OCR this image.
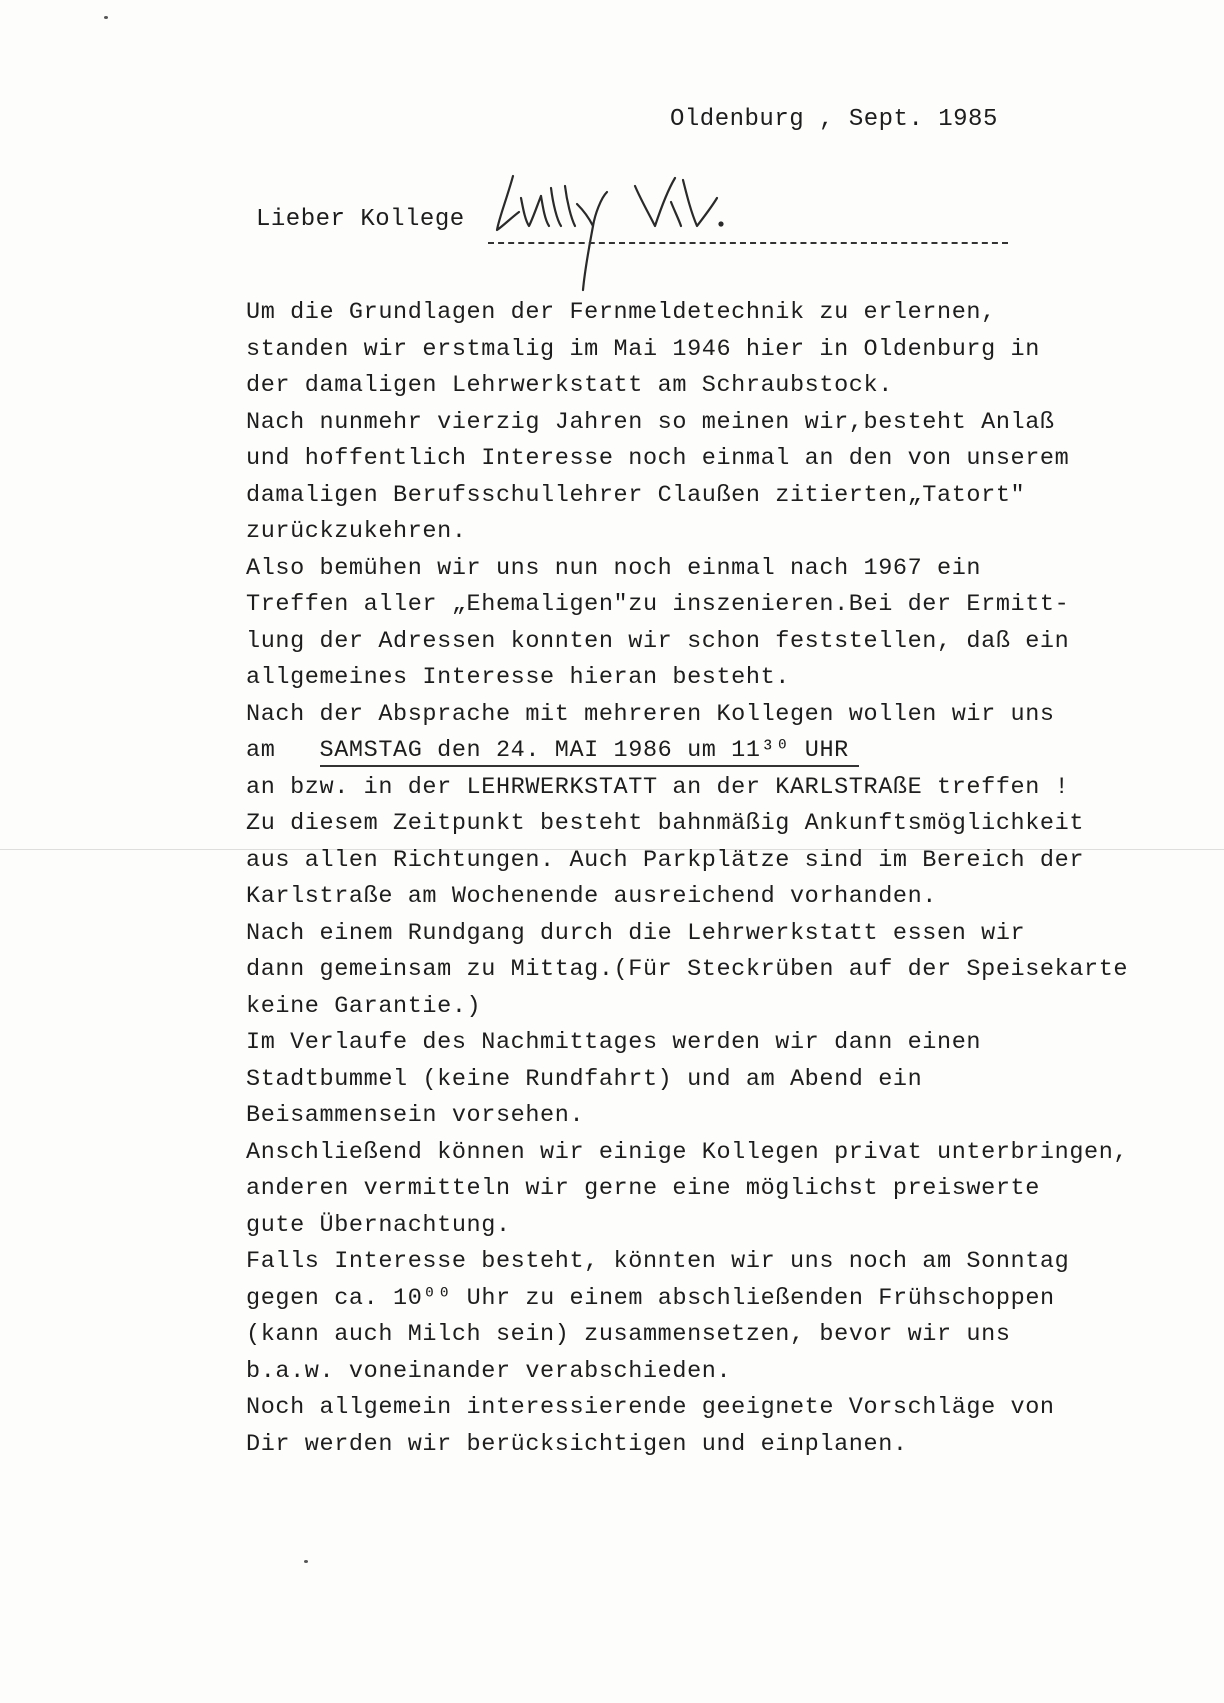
Oldenburg , Sept. 1985
Lieber Kollege
Um die Grundlagen der Fernmeldetechnik zu erlernen,
standen wir erstmalig im Mai 1946 hier in Oldenburg in
der damaligen Lehrwerkstatt am Schraubstock.
Nach nunmehr vierzig Jahren so meinen wir,besteht Anlaß
und hoffentlich Interesse noch einmal an den von unserem
damaligen Berufsschullehrer Claußen zitierten„Tatort"
zurückzukehren.
Also bemühen wir uns nun noch einmal nach 1967 ein
Treffen aller „Ehemaligen"zu inszenieren.Bei der Ermitt-
lung der Adressen konnten wir schon feststellen, daß ein
allgemeines Interesse hieran besteht.
Nach der Absprache mit mehreren Kollegen wollen wir uns
am SAMSTAG den 24. MAI 1986 um 11³⁰ UHR
an bzw. in der LEHRWERKSTATT an der KARLSTRAßE treffen !
Zu diesem Zeitpunkt besteht bahnmäßig Ankunftsmöglichkeit
aus allen Richtungen. Auch Parkplätze sind im Bereich der
Karlstraße am Wochenende ausreichend vorhanden.
Nach einem Rundgang durch die Lehrwerkstatt essen wir
dann gemeinsam zu Mittag.(Für Steckrüben auf der Speisekarte
keine Garantie.)
Im Verlaufe des Nachmittages werden wir dann einen
Stadtbummel (keine Rundfahrt) und am Abend ein
Beisammensein vorsehen.
Anschließend können wir einige Kollegen privat unterbringen,
anderen vermitteln wir gerne eine möglichst preiswerte
gute Übernachtung.
Falls Interesse besteht, könnten wir uns noch am Sonntag
gegen ca. 10⁰⁰ Uhr zu einem abschließenden Frühschoppen
(kann auch Milch sein) zusammensetzen, bevor wir uns
b.a.w. voneinander verabschieden.
Noch allgemein interessierende geeignete Vorschläge von
Dir werden wir berücksichtigen und einplanen.
